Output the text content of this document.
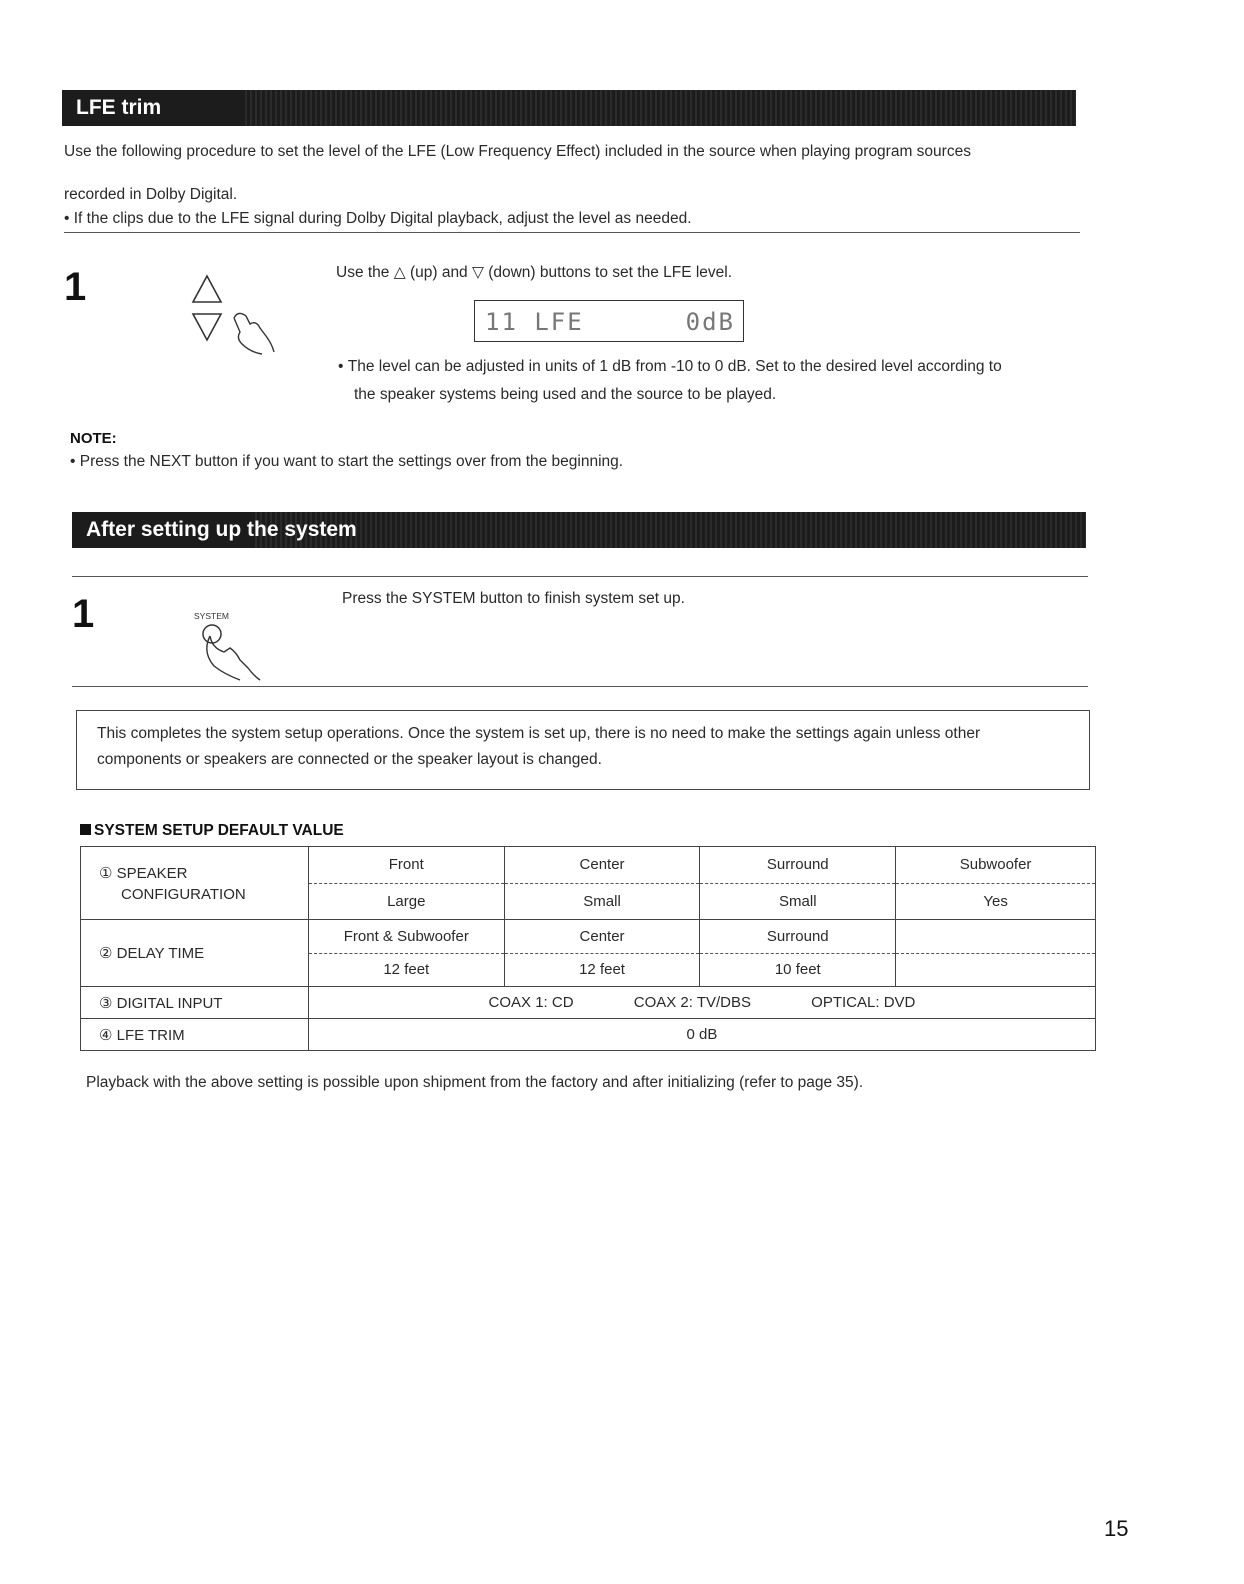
LFE trim
Use the following procedure to set the level of the LFE (Low Frequency Effect) included in the source when playing program sources
recorded in Dolby Digital.
• If the clips due to the LFE signal during Dolby Digital playback, adjust the level as needed.
1	Use the △ (up) and ▽ (down) buttons to set the LFE level.
11 LFE	0dB
• The level can be adjusted in units of 1 dB from -10 to 0 dB. Set to the desired level according to
the speaker systems being used and the source to be played.
NOTE:
• Press the NEXT button if you want to start the settings over from the beginning.
After setting up the system
1	SYSTEM
Press the SYSTEM button to finish system set up.
This completes the system setup operations. Once the system is set up, there is no need to make the settings again unless other
components or speakers are connected or the speaker layout is changed.
SYSTEM SETUP DEFAULT VALUE
① SPEAKER
CONFIGURATION	Front	Center	Surround	Subwoofer
	Large	Small	Small	Yes
② DELAY TIME	Front & Subwoofer	Center	Surround	
	12 feet	12 feet	10 feet	
③ DIGITAL INPUT	COAX 1: CD COAX 2: TV/DBS OPTICAL: DVD			
④ LFE TRIM	0 dB			
Playback with the above setting is possible upon shipment from the factory and after initializing (refer to page 35).
15
